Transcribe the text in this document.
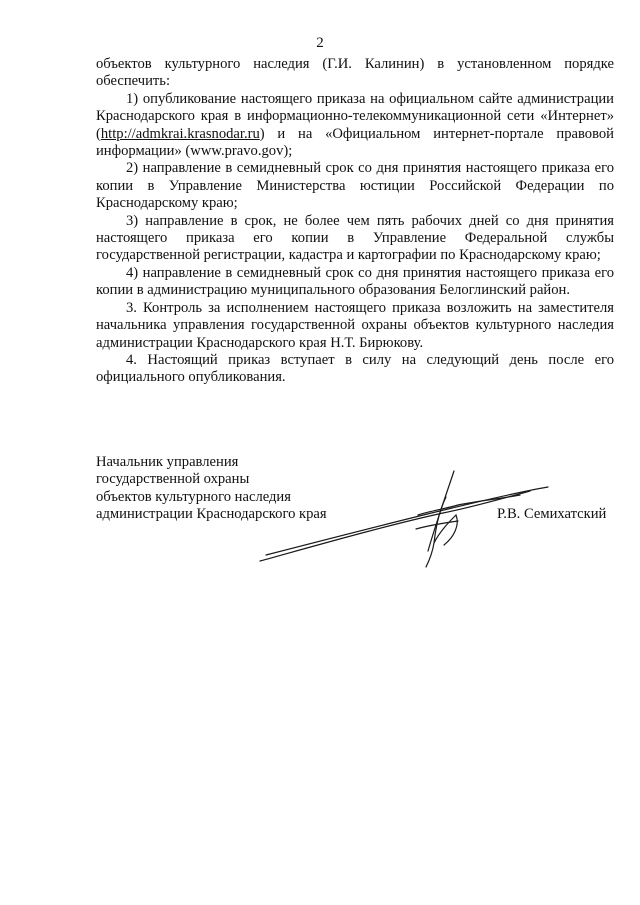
2

объектов культурного наследия (Г.И. Калинин) в установленном порядке обеспечить:

1) опубликование настоящего приказа на официальном сайте администрации Краснодарского края в информационно-телекоммуникационной сети «Интернет» (http://admkrai.krasnodar.ru) и на «Официальном интернет-портале правовой информации» (www.pravo.gov);

2) направление в семидневный срок со дня принятия настоящего приказа его копии в Управление Министерства юстиции Российской Федерации по Краснодарскому краю;

3) направление в срок, не более чем пять рабочих дней со дня принятия настоящего приказа его копии в Управление Федеральной службы государственной регистрации, кадастра и картографии по Краснодарскому краю;

4) направление в семидневный срок со дня принятия настоящего приказа его копии в администрацию муниципального образования Белоглинский район.

3. Контроль за исполнением настоящего приказа возложить на заместителя начальника управления государственной охраны объектов культурного наследия администрации Краснодарского края Н.Т. Бирюкову.

4. Настоящий приказ вступает в силу на следующий день после его официального опубликования.

Начальник управления
государственной охраны
объектов культурного наследия
администрации Краснодарского края	Р.В. Семихатский
